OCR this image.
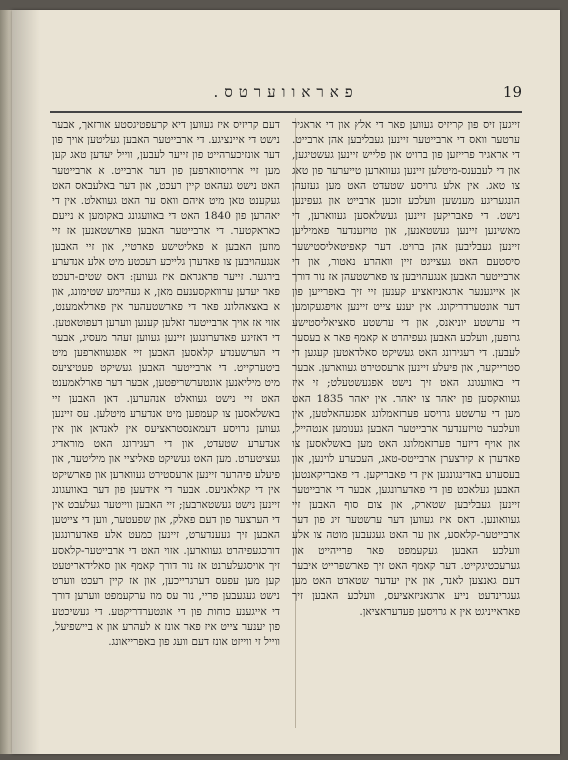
פאראווערטס.	19

זייגען זיס פון קריזיס געווען פאר די אלץ און די אראגיר ערטער וואס די ארבייטער זיינען געבליבען אהן ארבייט. די אראגיר פרייזען פון ברויט און פלייש זיינען געשטיגען, און די לעבענס-מיטלען זיינען געווארען טייערער פון טאג צו טאג. אין אלע גרויסע שטעדט האט מען געזעהן הונגעריגע מענשען וועלכע זוכען ארבייט און געפינען נישט. די פאבריקען זיינען געשלאסען געווארען, די מאשינען זיינען געשטאנען, און טויזענדער פאמיליען זיינען געבליבען אהן ברויט. דער קאפיטאליסטישער סיסטעם האט געצייגט זיין וואהרע נאטור, און די ארבייטער האבען אנגעהויבען צו פארשטעהן אז נור דורך אן אייגענער ארגאניזאציע קענען זיי זיך באפרייען פון דער אונטערדריקונג. אין יענע צייט זיינען אויפגעקומען די ערשטע יוניאנס, און די ערשטע סאציאליסטישע גרופען, וועלכע האבען געפיהרט א קאמף פאר א בעסער לעבען. די רעגירונג האט געשיקט סאלדאטען קעגען די סטרייקער, און פיעלע זיינען ארעסטירט געווארען. אבער די באוועגונג האט זיך נישט אפגעשטעלט; זי איז געוואקסען פון יאהר צו יאהר. אין יאהר 1835 האט מען די ערשטע גרויסע פערזאמלונג אפגעהאלטען, אין וועלכער טויזענדער ארבייטער האבען גענומען אנטהייל, און אויף דיזער פערזאמלונג האט מען באשלאסען צו פאדערן א קירצערן ארבייטס-טאג, העכערע לוינען, און בעסערע באדינגונגען אין די פאבריקען. די פאבריקאנטען האבען געלאכט פון די פאדערונגען, אבער די ארבייטער זיינען געבליבען שטארק, און צום סוף האבען זיי געוואונען. דאס איז געווען דער ערשטער זיג פון דער ארבייטער-קלאסע, און ער האט געגעבען מוטה צו אלע וועלכע האבען געקעמפט פאר פרייהייט און גערעכטיגקייט. דער קאמף האט זיך פארשפרייט איבער דעם גאנצען לאנד, און אין יעדער שטאדט האט מען געגרינדעט נייע ארגאניזאציעס, וועלכע האבען זיך פאראייניגט אין א גרויסען פעדעראציאן.

דעם קריזיס איז געווען דיא קרעפטיגסטע אורזאך, אבער נישט די איינציגע. די ארבייטער האבען געליטען אויך פון דער אונזיכערהייט פון זייער לעבען, ווייל יעדען טאג קען מען זיי ארויסווארפען פון דער ארבייט. א ארבייטער האט נישט געהאט קיין רעכט, און דער באלעבאס האט געקענט טאן מיט איהם וואס ער האט געוואלט. אין די יאהרען פון 1840 האט די באוועגונג באקומען א נייעם כאראקטער. די ארבייטער האבען פארשטאנען אז זיי מוזען האבען א פאליטישע פארטיי, און זיי האבען אנגעהויבען צו פאדערן גלייכע רעכטע מיט אלע אנדערע בירגער. זייער פראגראם איז געווען: דאס שטים-רעכט פאר יעדען ערוואקסענעם מאן, א געהיימע שטימונג, און א באצאהלונג פאר די פארשטעהער אין פארלאמענט, אזוי אז אויך ארבייטער זאלען קענען ווערען דעפוטאטען. די דאזיגע פאדערונגען זיינען געווען זעהר מעסיג, אבער די הערשענדע קלאסען האבען זיי אפגעווארפען מיט ביטערקייט. די ארבייטער האבען געשיקט פעטיציעס מיט מיליאנען אונטערשריפטען, אבער דער פארלאמענט האט זיי נישט געוואלט אנהערען. דאן האבען זיי באשלאסען צו קעמפען מיט אנדערע מיטלען. עס זיינען געווען גרויסע דעמאנסטראציעס אין לאנדאן און אין אנדערע שטעדט, און די רעגירונג האט מוראדיג געציטערט. מען האט געשיקט פאליציי און מיליטער, און פיעלע פיהרער זיינען ארעסטירט געווארען און פארשיקט אין די קאלאניעס. אבער די אידעען פון דער באוועגונג זיינען נישט געשטארבען; זיי האבען ווייטער געלעבט אין די הערצער פון דעם פאלק, און שפעטער, ווען די צייטען האבען זיך געענדערט, זיינען כמעט אלע פאדערונגען דורכגעפיהרט געווארען. אזוי האט די ארבייטער-קלאסע זיך אויסגעלערנט אז נור דורך קאמף און סאלידאריטעט קען מען עפעס דערגרייכען, און אז קיין רעכט ווערט נישט געגעבען פריי, נור עס מוז ערקעמפט ווערען דורך די אייגענע כוחות פון די אונטערדריקטע. די געשיכטע פון יענער צייט איז פאר אונז א לעהרע און א ביישפיעל, ווייל זי ווייזט אונז דעם וועג פון באפרייאונג.
